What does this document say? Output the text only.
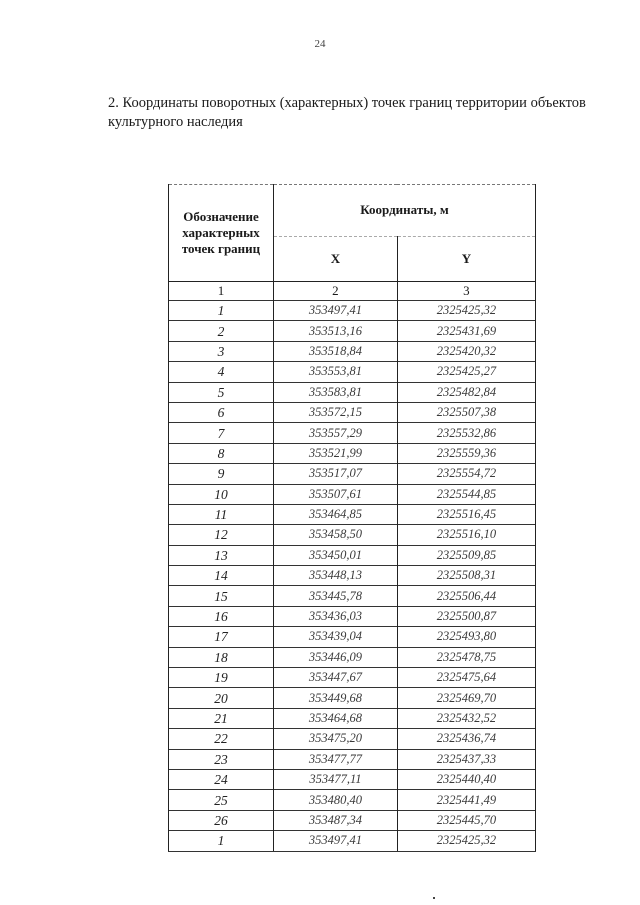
24
2. Координаты поворотных (характерных) точек границ территории объектов культурного наследия
Обозначение характерных точек границ	Координаты, м	
	X	Y
1	2	3
1	353497,41	2325425,32
2	353513,16	2325431,69
3	353518,84	2325420,32
4	353553,81	2325425,27
5	353583,81	2325482,84
6	353572,15	2325507,38
7	353557,29	2325532,86
8	353521,99	2325559,36
9	353517,07	2325554,72
10	353507,61	2325544,85
11	353464,85	2325516,45
12	353458,50	2325516,10
13	353450,01	2325509,85
14	353448,13	2325508,31
15	353445,78	2325506,44
16	353436,03	2325500,87
17	353439,04	2325493,80
18	353446,09	2325478,75
19	353447,67	2325475,64
20	353449,68	2325469,70
21	353464,68	2325432,52
22	353475,20	2325436,74
23	353477,77	2325437,33
24	353477,11	2325440,40
25	353480,40	2325441,49
26	353487,34	2325445,70
1	353497,41	2325425,32
